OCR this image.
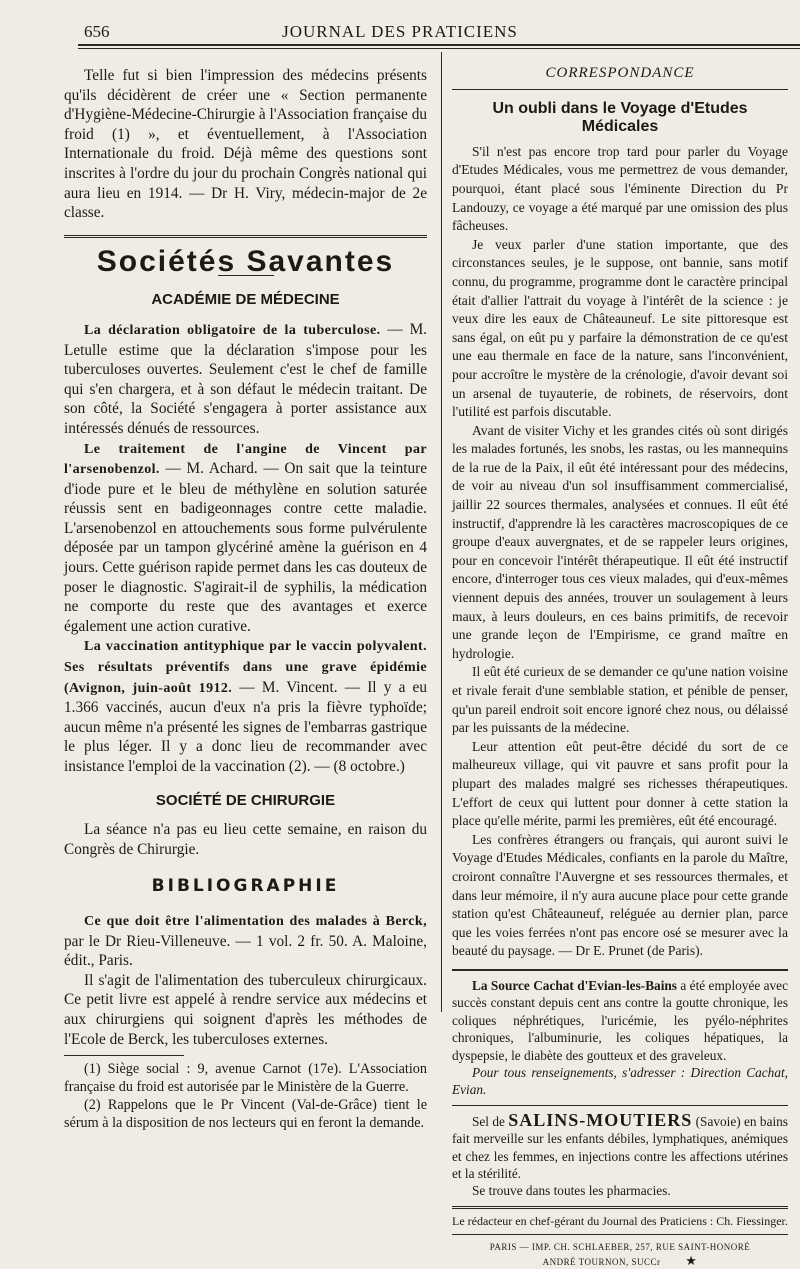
656	JOURNAL DES PRATICIENS

Telle fut si bien l'impression des médecins présents qu'ils décidèrent de créer une « Section permanente d'Hygiène-Médecine-Chirurgie à l'Association française du froid (1) », et éventuellement, à l'Association Internationale du froid. Déjà même des questions sont inscrites à l'ordre du jour du prochain Congrès national qui aura lieu en 1914. — Dr H. Viry, médecin-major de 2e classe.

Sociétés Savantes
ACADÉMIE DE MÉDECINE

La déclaration obligatoire de la tuberculose. — M. Letulle estime que la déclaration s'impose pour les tuberculoses ouvertes. Seulement c'est le chef de famille qui s'en chargera, et à son défaut le médecin traitant. De son côté, la Société s'engagera à porter assistance aux intéressés dénués de ressources.

Le traitement de l'angine de Vincent par l'arsenobenzol. — M. Achard. — On sait que la teinture d'iode pure et le bleu de méthylène en solution saturée réussis sent en badigeonnages contre cette maladie. L'arsenobenzol en attouchements sous forme pulvérulente déposée par un tampon glycériné amène la guérison en 4 jours. Cette guérison rapide permet dans les cas douteux de poser le diagnostic. S'agirait-il de syphilis, la médication ne comporte du reste que des avantages et exerce également une action curative.

La vaccination antityphique par le vaccin polyvalent. Ses résultats préventifs dans une grave épidémie (Avignon, juin-août 1912. — M. Vincent. — Il y a eu 1.366 vaccinés, aucun d'eux n'a pris la fièvre typhoïde; aucun même n'a présenté les signes de l'embarras gastrique le plus léger. Il y a donc lieu de recommander avec insistance l'emploi de la vaccination (2). — (8 octobre.)

SOCIÉTÉ DE CHIRURGIE

La séance n'a pas eu lieu cette semaine, en raison du Congrès de Chirurgie.

BIBLIOGRAPHIE

Ce que doit être l'alimentation des malades à Berck, par le Dr Rieu-Villeneuve. — 1 vol. 2 fr. 50. A. Maloine, édit., Paris.

Il s'agit de l'alimentation des tuberculeux chirurgicaux. Ce petit livre est appelé à rendre service aux médecins et aux chirurgiens qui soignent d'après les méthodes de l'Ecole de Berck, les tuberculoses externes.

(1) Siège social : 9, avenue Carnot (17e). L'Association française du froid est autorisée par le Ministère de la Guerre.

(2) Rappelons que le Pr Vincent (Val-de-Grâce) tient le sérum à la disposition de nos lecteurs qui en feront la demande.

CORRESPONDANCE
Un oubli dans le Voyage d'Etudes Médicales

S'il n'est pas encore trop tard pour parler du Voyage d'Etudes Médicales, vous me permettrez de vous demander, pourquoi, étant placé sous l'éminente Direction du Pr Landouzy, ce voyage a été marqué par une omission des plus fâcheuses.

Je veux parler d'une station importante, que des circonstances seules, je le suppose, ont bannie, sans motif connu, du programme, programme dont le caractère principal était d'allier l'attrait du voyage à l'intérêt de la science : je veux dire les eaux de Châteauneuf. Le site pittoresque est sans égal, on eût pu y parfaire la démonstration de ce qu'est une eau thermale en face de la nature, sans l'inconvénient, pour accroître le mystère de la crénologie, d'avoir devant soi un arsenal de tuyauterie, de robinets, de réservoirs, dont l'utilité est parfois discutable.

Avant de visiter Vichy et les grandes cités où sont dirigés les malades fortunés, les snobs, les rastas, ou les mannequins de la rue de la Paix, il eût été intéressant pour des médecins, de voir au niveau d'un sol insuffisamment commercialisé, jaillir 22 sources thermales, analysées et connues. Il eût été instructif, d'apprendre là les caractères macroscopiques de ce groupe d'eaux auvergnates, et de se rappeler leurs origines, pour en concevoir l'intérêt thérapeutique. Il eût été instructif encore, d'interroger tous ces vieux malades, qui d'eux-mêmes viennent depuis des années, trouver un soulagement à leurs maux, à leurs douleurs, en ces bains primitifs, de recevoir une grande leçon de l'Empirisme, ce grand maître en hydrologie.

Il eût été curieux de se demander ce qu'une nation voisine et rivale ferait d'une semblable station, et pénible de penser, qu'un pareil endroit soit encore ignoré chez nous, ou délaissé par les puissants de la médecine.

Leur attention eût peut-être décidé du sort de ce malheureux village, qui vit pauvre et sans profit pour la plupart des malades malgré ses richesses thérapeutiques. L'effort de ceux qui luttent pour donner à cette station la place qu'elle mérite, parmi les premières, eût été encouragé.

Les confrères étrangers ou français, qui auront suivi le Voyage d'Etudes Médicales, confiants en la parole du Maître, croiront connaître l'Auvergne et ses ressources thermales, et dans leur mémoire, il n'y aura aucune place pour cette grande station qu'est Châteauneuf, reléguée au dernier plan, parce que les voies ferrées n'ont pas encore osé se mesurer avec la beauté du paysage. — Dr E. Prunet (de Paris).

La Source Cachat d'Evian-les-Bains a été employée avec succès constant depuis cent ans contre la goutte chronique, les coliques néphrétiques, l'uricémie, les pyélo-néphrites chroniques, l'albuminurie, les coliques hépatiques, la dyspepsie, le diabète des goutteux et des graveleux.

Pour tous renseignements, s'adresser : Direction Cachat, Evian.

Sel de SALINS-MOUTIERS (Savoie) en bains fait merveille sur les enfants débiles, lymphatiques, anémiques et chez les femmes, en injections contre les affections utérines et la stérilité.

Se trouve dans toutes les pharmacies.

Le rédacteur en chef-gérant du Journal des Praticiens : Ch. Fiessinger.
PARIS — IMP. CH. SCHLAEBER, 257, RUE SAINT-HONORÉ
ANDRÉ TOURNON, SUCCr ★
